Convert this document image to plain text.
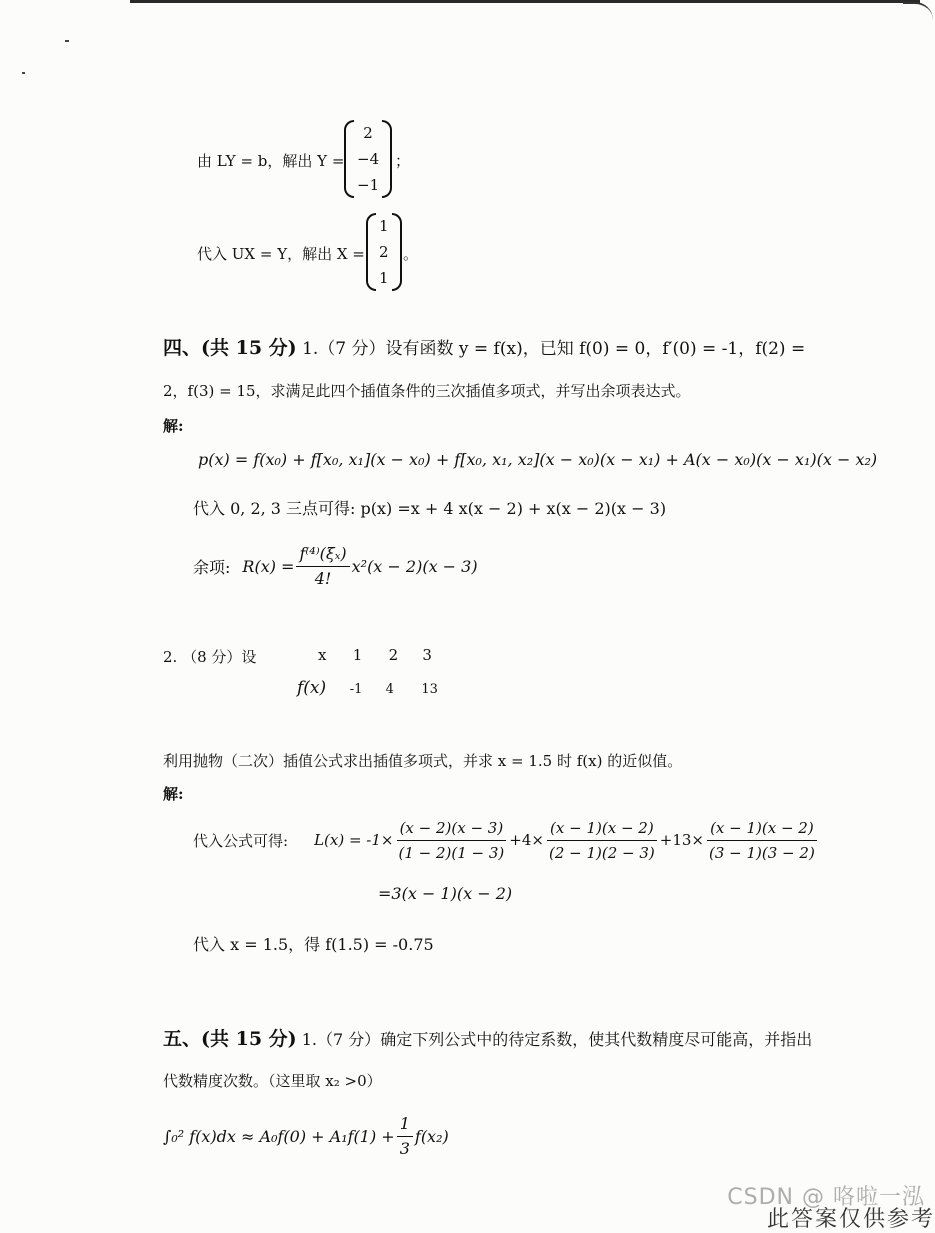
由 LY = b，解出 Y =
2
−4
−1
；
代入 UX = Y，解出 X =
1
2
1
。
四、(共 15 分) 1.（7 分）设有函数 y = f(x)，已知 f(0) = 0，f′(0) = -1，f(2) =
2，f(3) = 15，求满足此四个插值条件的三次插值多项式，并写出余项表达式。
解:
p(x) = f(x₀) + f[x₀, x₁](x − x₀) + f[x₀, x₁, x₂](x − x₀)(x − x₁) + A(x − x₀)(x − x₁)(x − x₂)
代入 0, 2, 3 三点可得: p(x) =x + 4 x(x − 2) + x(x − 2)(x − 3)
余项: $R(x) = \frac{\text{f⁽⁴⁾(ξₓ)}}{4!} x^2(x - 2)(x - 3)$
2. （8 分）设	x 1 2 3
f(x) -1 4 13
利用抛物（二次）插值公式求出插值多项式，并求 x = 1.5 时 f(x) 的近似值。
解:
代入公式可得: $L(x) = -1\times \frac{(x - 2)(x - 3)}{(1 - 2)(1 - 3)} +4\times \frac{(x - 1)(x - 2)}{(2 - 1)(2 - 3)} +13\times \frac{(x - 1)(x - 2)}{(3 - 1)(3 - 2)}$
=3(x − 1)(x − 2)
代入 x = 1.5，得 f(1.5) = -0.75
五、(共 15 分) 1.（7 分）确定下列公式中的待定系数，使其代数精度尽可能高，并指出
代数精度次数。（这里取 x₂ >0）
∫₀² $f(x)dx \approx A_0f(0) + A_1f(1) + \frac{1}{3} f(x_2)$
此答案仅供参考
CSDN @ 咯啦一泓
